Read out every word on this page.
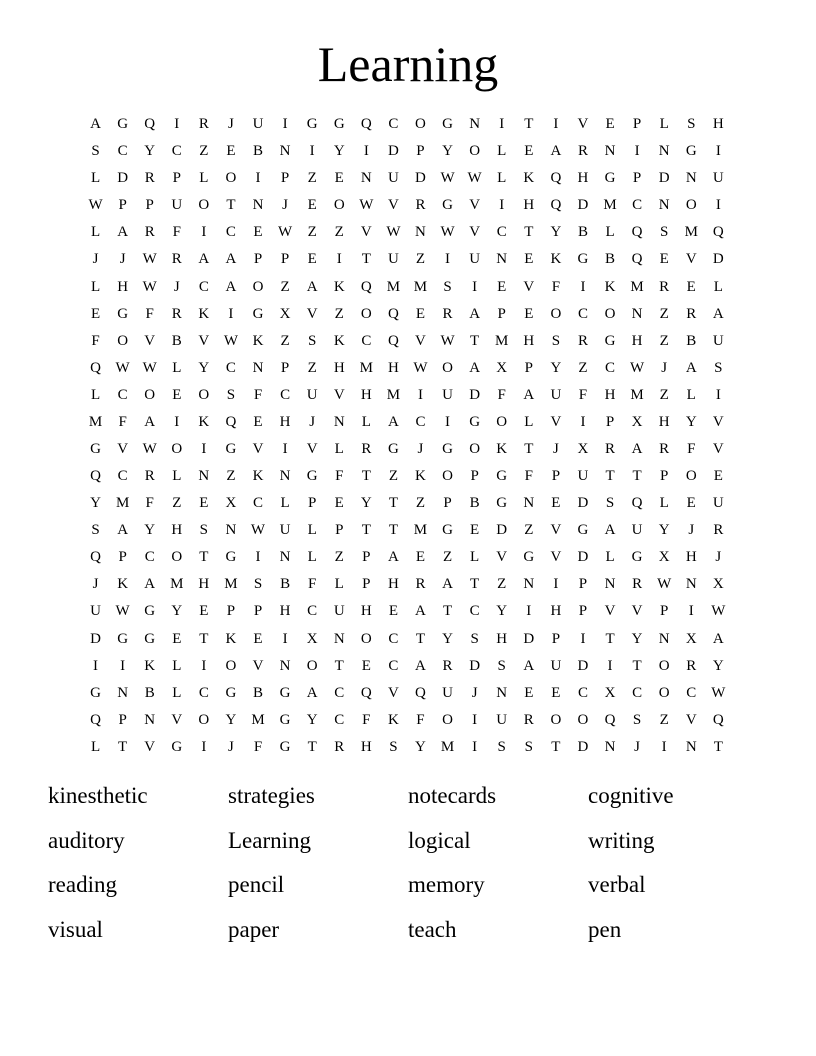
Learning
A	G	Q	I	R	J	U	I	G	G	Q	C	O	G	N	I	T	I	V	E	P	L	S	H
S	C	Y	C	Z	E	B	N	I	Y	I	D	P	Y	O	L	E	A	R	N	I	N	G	I
L	D	R	P	L	O	I	P	Z	E	N	U	D W W	L	K	Q	H	G	P	D	N	U
W	P	P	U	O	T	N	J	E	O W V	R	G	V	I	H	Q	D M	C	N	O	I
L	A	R	F	I	C	E	W	Z	Z	V W N W V	C	T	Y	B	L	Q	S	M Q
J	J	W R	A	A	P	P	E	I	T	U	Z	I	U	N	E	K	G	B	Q	E	V	D
L	H W	J	C	A	O	Z	A	K	Q M M	S	I	E	V	F	I	K M	R	E	L
E	G	F	R	K	I	G	X	V	Z	O	Q	E	R	A	P	E	O	C	O	N	Z	R	A
F	O	V	B	V W K	Z	S	K	C	Q	V W	T	M H	S	R	G	H	Z	B	U
Q W W	L	Y	C	N	P	Z	H M H W O	A	X	P	Y	Z	C W	J	A	S
L	C	O	E	O	S	F	C	U	V	H M	I	U	D	F	A	U	F	H M	Z	L	I
M	F	A	I	K	Q	E	H	J	N	L	A	C	I	G	O	L	V	I	P	X	H	Y	V
G	V W O	I	G	V	I	V	L	R	G	J	G	O	K	T	J	X	R	A	R	F	V
Q	C	R	L	N	Z	K	N	G	F	T	Z	K	O	P	G	F	P	U	T	T	P	O	E
Y M	F	Z	E	X	C	L	P	E	Y	T	Z	P	B	G	N	E	D	S	Q	L	E	U
S	A	Y	H	S	N W U	L	P	T	T	M G	E	D	Z	V	G	A	U	Y	J	R
Q	P	C	O	T	G	I	N	L	Z	P	A	E	Z	L	V	G	V	D	L	G	X	H	J
J	K	A M H M	S	B	F	L	P	H	R	A	T	Z	N	I	P	N	R W N	X
U W G	Y	E	P	P	H	C	U	H	E	A	T	C	Y	I	H	P	V	V	P	I	W
D	G	G	E	T	K	E	I	X	N	O	C	T	Y	S	H	D	P	I	T	Y	N	X	A
I	I	K	L	I	O	V	N	O	T	E	C	A	R	D	S	A	U	D	I	T	O	R	Y
G	N	B	L	C	G	B	G	A	C	Q	V	Q	U	J	N	E	E	C	X	C	O	C W
Q	P	N	V	O	Y M G	Y	C	F	K	F	O	I	U	R	O	O	Q	S	Z	V	Q
L	T	V	G	I	J	F	G	T	R	H	S	Y M	I	S	S	T	D	N	J	I	N	T
kinesthetic	strategies	notecards	cognitive
auditory	Learning	logical	writing
reading	pencil	memory	verbal
visual	paper	teach	pen
